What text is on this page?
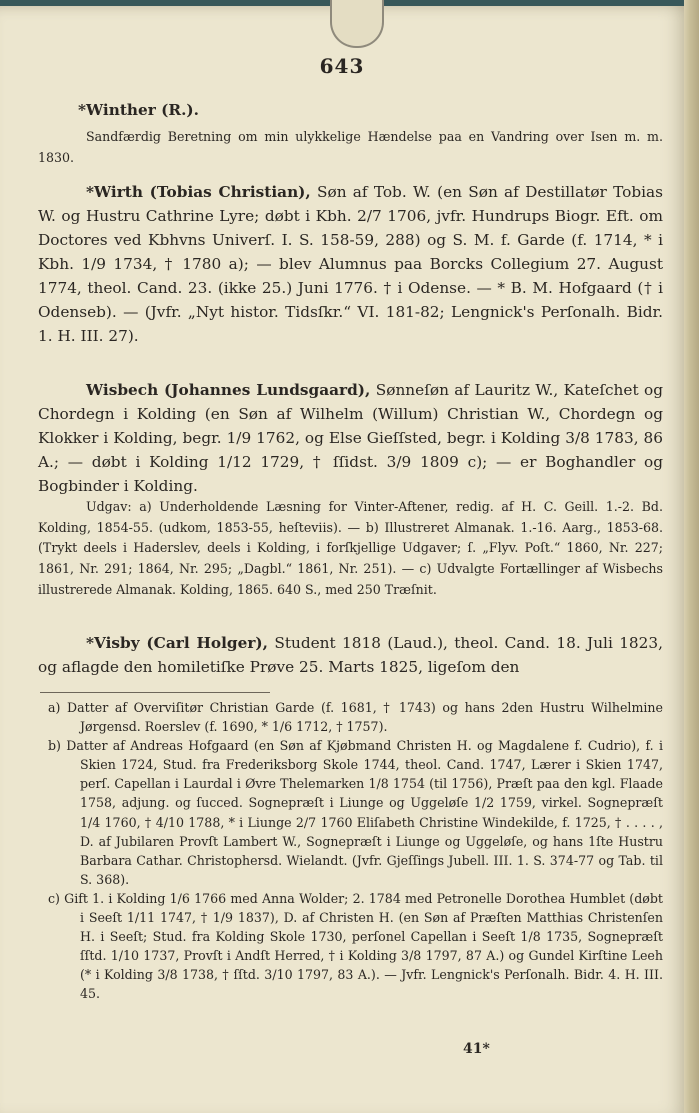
643

*Winther (R.).

Sandfærdig Beretning om min ulykkelige Hændelse paa en Vandring over Isen m. m. 1830.

*Wirth (Tobias Christian), Søn af Tob. W. (en Søn af Destillatør Tobias W. og Hustru Cathrine Lyre; døbt i Kbh. 2/7 1706, jvfr. Hundrups Biogr. Eft. om Doctores ved Kbhvns Univerſ. I. S. 158-59, 288) og S. M. f. Garde (f. 1714, * i Kbh. 1/9 1734, † 1780 a); — blev Alumnus paa Borcks Collegium 27. August 1774, theol. Cand. 23. (ikke 25.) Juni 1776. † i Odense. — * B. M. Hofgaard († i Odenseb). — (Jvfr. „Nyt histor. Tidsſkr.“ VI. 181-82; Lengnick's Perſonalh. Bidr. 1. H. III. 27).

Wisbech (Johannes Lundsgaard), Sønneſøn af Lauritz W., Kateſchet og Chordegn i Kolding (en Søn af Wilhelm (Willum) Christian W., Chordegn og Klokker i Kolding, begr. 1/9 1762, og Else Gieſſsted, begr. i Kolding 3/8 1783, 86 A.; — døbt i Kolding 1/12 1729, † ſſidst. 3/9 1809 c); — er Boghandler og Bogbinder i Kolding.

Udgav: a) Underholdende Læsning for Vinter-Aftener, redig. af H. C. Geill. 1.-2. Bd. Kolding, 1854-55. (udkom, 1853-55, heſteviis). — b) Illustreret Almanak. 1.-16. Aarg., 1853-68. (Trykt deels i Haderslev, deels i Kolding, i forſkjellige Udgaver; ſ. „Flyv. Poſt.“ 1860, Nr. 227; 1861, Nr. 291; 1864, Nr. 295; „Dagbl.“ 1861, Nr. 251). — c) Udvalgte Fortællinger af Wisbechs illustrerede Almanak. Kolding, 1865. 640 S., med 250 Træſnit.

*Visby (Carl Holger), Student 1818 (Laud.), theol. Cand. 18. Juli 1823, og aflagde den homiletiſke Prøve 25. Marts 1825, ligeſom den

a) Datter af Overviſitør Christian Garde (f. 1681, † 1743) og hans 2den Hustru Wilhelmine Jørgensd. Roerslev (f. 1690, * 1/6 1712, † 1757).

b) Datter af Andreas Hofgaard (en Søn af Kjøbmand Christen H. og Magdalene f. Cudrio), f. i Skien 1724, Stud. fra Frederiksborg Skole 1744, theol. Cand. 1747, Lærer i Skien 1747, perſ. Capellan i Laurdal i Øvre Thelemarken 1/8 1754 (til 1756), Præſt paa den kgl. Flaade 1758, adjung. og ſucced. Sognepræſt i Liunge og Uggeløſe 1/2 1759, virkel. Sognepræſt 1/4 1760, † 4/10 1788, * i Liunge 2/7 1760 Eliſabeth Christine Windekilde, f. 1725, † . . . . , D. af Jubilaren Provſt Lambert W., Sognepræſt i Liunge og Uggeløſe, og hans 1ſte Hustru Barbara Cathar. Christophersd. Wielandt. (Jvfr. Gjeſſings Jubell. III. 1. S. 374-77 og Tab. til S. 368).

c) Gift 1. i Kolding 1/6 1766 med Anna Wolder; 2. 1784 med Petronelle Dorothea Humblet (døbt i Seeſt 1/11 1747, † 1/9 1837), D. af Christen H. (en Søn af Præſten Matthias Christenſen H. i Seeſt; Stud. fra Kolding Skole 1730, perſonel Capellan i Seeſt 1/8 1735, Sognepræſt ſſtd. 1/10 1737, Provſt i Andſt Herred, † i Kolding 3/8 1797, 87 A.) og Gundel Kirſtine Leeh (* i Kolding 3/8 1738, † ſſtd. 3/10 1797, 83 A.). — Jvfr. Lengnick's Perſonalh. Bidr. 4. H. III. 45.

41*
